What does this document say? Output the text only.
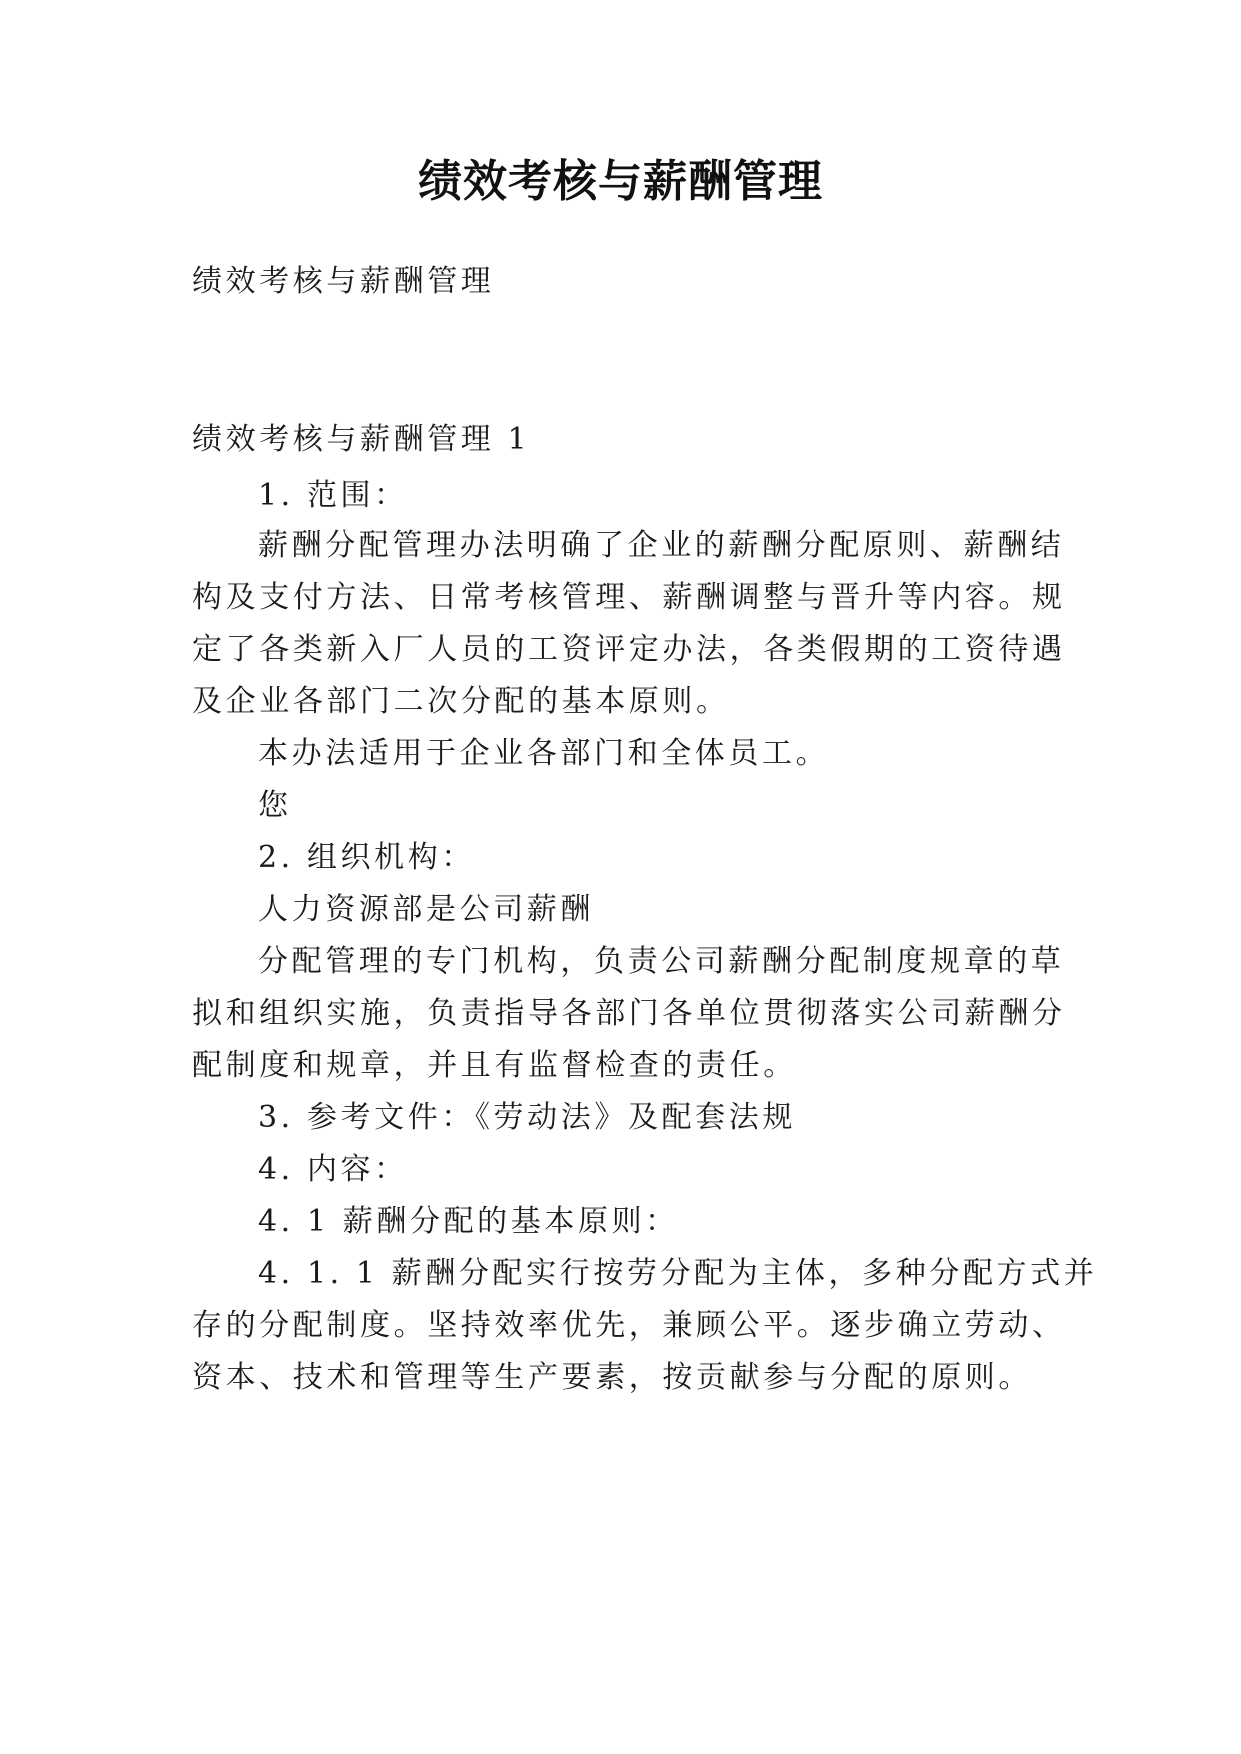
绩效考核与薪酬管理
绩效考核与薪酬管理
绩效考核与薪酬管理 1
1. 范围：
薪酬分配管理办法明确了企业的薪酬分配原则、薪酬结
构及支付方法、日常考核管理、薪酬调整与晋升等内容。规
定了各类新入厂人员的工资评定办法，各类假期的工资待遇
及企业各部门二次分配的基本原则。
本办法适用于企业各部门和全体员工。
您
2. 组织机构：
人力资源部是公司薪酬
分配管理的专门机构，负责公司薪酬分配制度规章的草
拟和组织实施，负责指导各部门各单位贯彻落实公司薪酬分
配制度和规章，并且有监督检查的责任。
3. 参考文件：《劳动法》及配套法规
4. 内容：
4. 1 薪酬分配的基本原则：
4. 1. 1 薪酬分配实行按劳分配为主体，多种分配方式并
存的分配制度。坚持效率优先，兼顾公平。逐步确立劳动、
资本、技术和管理等生产要素，按贡献参与分配的原则。
